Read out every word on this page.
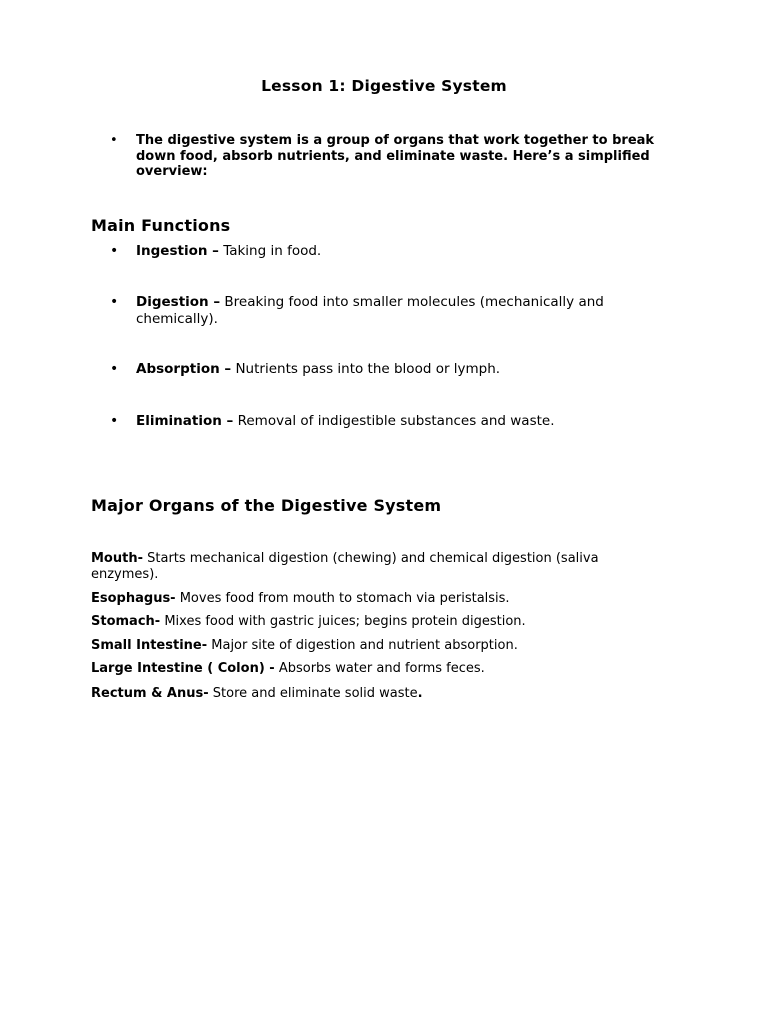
Lesson 1: Digestive System
• The digestive system is a group of organs that work together to break down food, absorb nutrients, and eliminate waste. Here’s a simplified overview:
Main Functions
• Ingestion – Taking in food.
• Digestion – Breaking food into smaller molecules (mechanically and chemically).
• Absorption – Nutrients pass into the blood or lymph.
• Elimination – Removal of indigestible substances and waste.
Major Organs of the Digestive System
Mouth- Starts mechanical digestion (chewing) and chemical digestion (saliva enzymes).
Esophagus- Moves food from mouth to stomach via peristalsis.
Stomach- Mixes food with gastric juices; begins protein digestion.
Small Intestine- Major site of digestion and nutrient absorption.
Large Intestine ( Colon) - Absorbs water and forms feces.
Rectum & Anus- Store and eliminate solid waste.
